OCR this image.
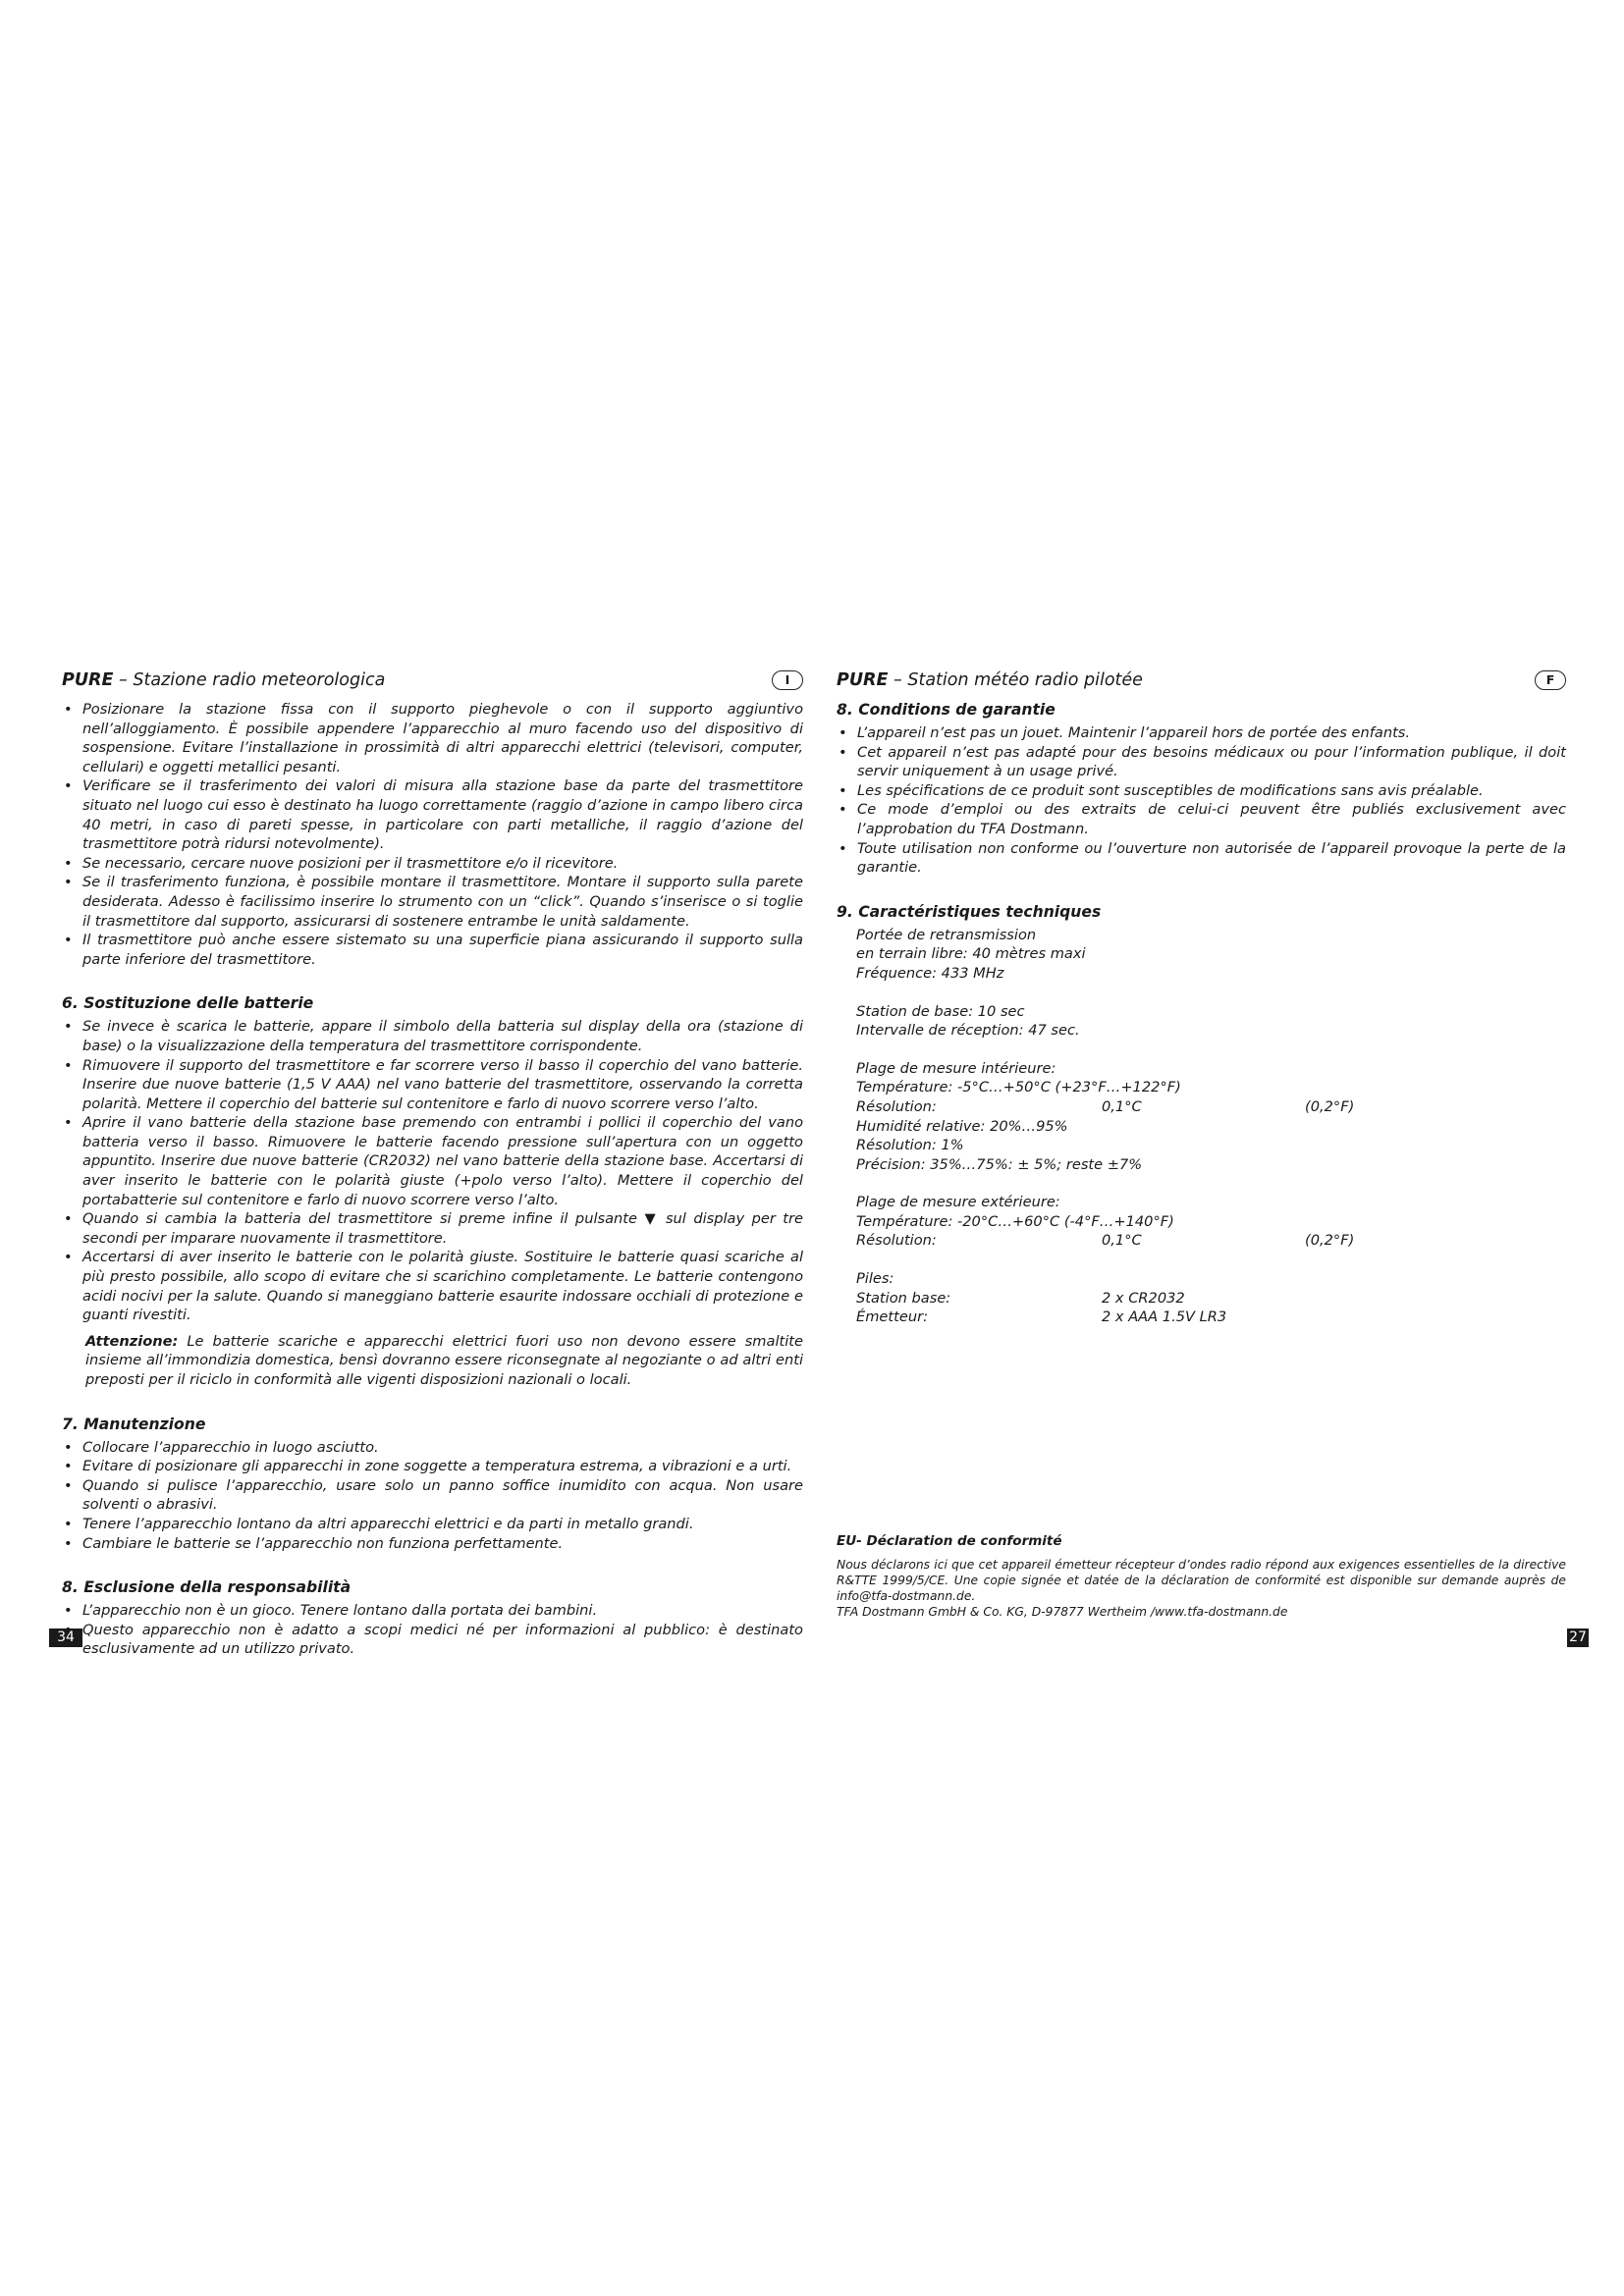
PURE – Stazione radio meteorologica	I
• Posizionare la stazione fissa con il supporto pieghevole o con il supporto aggiuntivo nell’alloggiamento. È possibile appendere l’apparecchio al muro facendo uso del dispositivo di sospensione. Evitare l’installazione in prossimità di altri apparecchi elettrici (televisori, computer, cellulari) e oggetti metallici pesanti.
• Verificare se il trasferimento dei valori di misura alla stazione base da parte del trasmettitore situato nel luogo cui esso è destinato ha luogo correttamente (raggio d’azione in campo libero circa 40 metri, in caso di pareti spesse, in particolare con parti metalliche, il raggio d’azione del trasmettitore potrà ridursi notevolmente).
• Se necessario, cercare nuove posizioni per il trasmettitore e/o il ricevitore.
• Se il trasferimento funziona, è possibile montare il trasmettitore. Montare il supporto sulla parete desiderata. Adesso è facilissimo inserire lo strumento con un “click”. Quando s’inserisce o si toglie il trasmettitore dal supporto, assicurarsi di sostenere entrambe le unità saldamente.
• Il trasmettitore può anche essere sistemato su una superficie piana assicurando il supporto sulla parte inferiore del trasmettitore.
6. Sostituzione delle batterie
• Se invece è scarica le batterie, appare il simbolo della batteria sul display della ora (stazione di base) o la visualizzazione della temperatura del trasmettitore corrispondente.
• Rimuovere il supporto del trasmettitore e far scorrere verso il basso il coperchio del vano batterie. Inserire due nuove batterie (1,5 V AAA) nel vano batterie del trasmettitore, osservando la corretta polarità. Mettere il coperchio del batterie sul contenitore e farlo di nuovo scorrere verso l’alto.
• Aprire il vano batterie della stazione base premendo con entrambi i pollici il coperchio del vano batteria verso il basso. Rimuovere le batterie facendo pressione sull’apertura con un oggetto appuntito. Inserire due nuove batterie (CR2032) nel vano batterie della stazione base. Accertarsi di aver inserito le batterie con le polarità giuste (+polo verso l’alto). Mettere il coperchio del portabatterie sul contenitore e farlo di nuovo scorrere verso l’alto.
• Quando si cambia la batteria del trasmettitore si preme infine il pulsante ▼ sul display per tre secondi per imparare nuovamente il trasmettitore.
• Accertarsi di aver inserito le batterie con le polarità giuste. Sostituire le batterie quasi scariche al più presto possibile, allo scopo di evitare che si scarichino completamente. Le batterie contengono acidi nocivi per la salute. Quando si maneggiano batterie esaurite indossare occhiali di protezione e guanti rivestiti.
Attenzione: Le batterie scariche e apparecchi elettrici fuori uso non devono essere smaltite insieme all’immondizia domestica, bensì dovranno essere riconsegnate al negoziante o ad altri enti preposti per il riciclo in conformità alle vigenti disposizioni nazionali o locali.
7. Manutenzione
• Collocare l’apparecchio in luogo asciutto.
• Evitare di posizionare gli apparecchi in zone soggette a temperatura estrema, a vibrazioni e a urti.
• Quando si pulisce l’apparecchio, usare solo un panno soffice inumidito con acqua. Non usare solventi o abrasivi.
• Tenere l’apparecchio lontano da altri apparecchi elettrici e da parti in metallo grandi.
• Cambiare le batterie se l’apparecchio non funziona perfettamente.
8. Esclusione della responsabilità
• L’apparecchio non è un gioco. Tenere lontano dalla portata dei bambini.
• Questo apparecchio non è adatto a scopi medici né per informazioni al pubblico: è destinato esclusivamente ad un utilizzo privato.
PURE – Station météo radio pilotée	F
8. Conditions de garantie
• L’appareil n’est pas un jouet. Maintenir l’appareil hors de portée des enfants.
• Cet appareil n’est pas adapté pour des besoins médicaux ou pour l’information publique, il doit servir uniquement à un usage privé.
• Les spécifications de ce produit sont susceptibles de modifications sans avis préalable.
• Ce mode d’emploi ou des extraits de celui-ci peuvent être publiés exclusivement avec l’approbation du TFA Dostmann.
• Toute utilisation non conforme ou l’ouverture non autorisée de l’appareil provoque la perte de la garantie.
9. Caractéristiques techniques
Portée de retransmission
en terrain libre: 40 mètres maxi
Fréquence: 433 MHz
Station de base: 10 sec
Intervalle de réception: 47 sec.
Plage de mesure intérieure:
Température: -5°C…+50°C (+23°F…+122°F)
Résolution:	0,1°C	(0,2°F)
Humidité relative: 20%…95%
Résolution: 1%
Précision: 35%…75%: ± 5%; reste ±7%
Plage de mesure extérieure:
Température: -20°C…+60°C (-4°F…+140°F)
Résolution:	0,1°C	(0,2°F)
Piles:
Station base:	2 x CR2032
Émetteur:	2 x AAA 1.5V LR3
EU- Déclaration de conformité

Nous déclarons ici que cet appareil émetteur récepteur d’ondes radio répond aux exigences essentielles de la directive R&TTE 1999/5/CE. Une copie signée et datée de la déclaration de conformité est disponible sur demande auprès de info@tfa-dostmann.de.

TFA Dostmann GmbH & Co. KG, D-97877 Wertheim /www.tfa-dostmann.de

34	27
